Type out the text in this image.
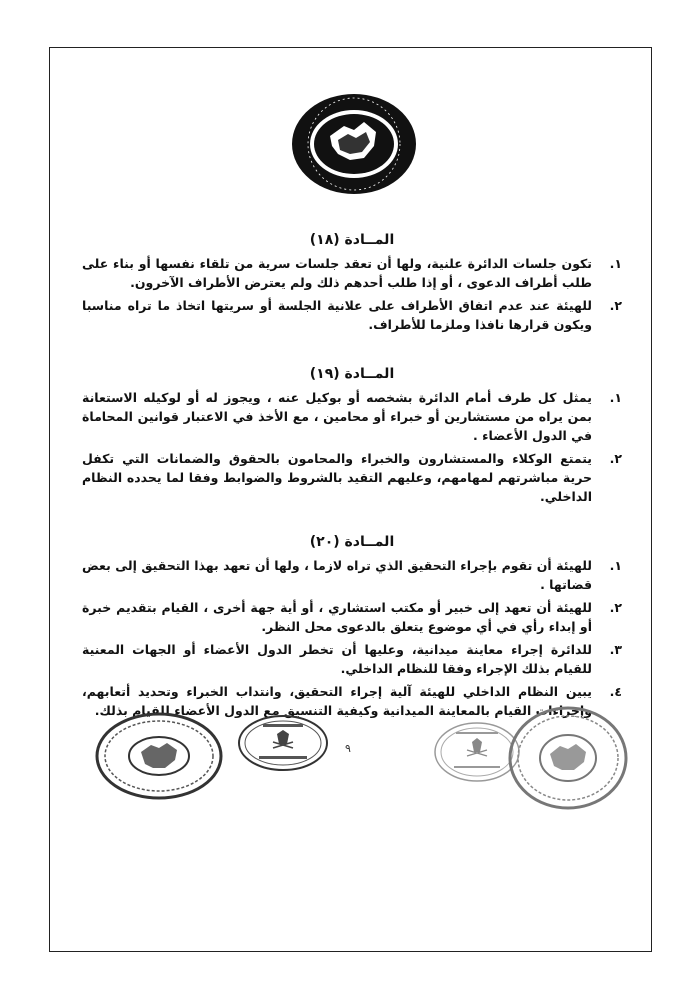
المــادة (١٨)
١.
تكون جلسات الدائرة علنية، ولها أن تعقد جلسات سرية من تلقاء نفسها أو بناء على طلب أطراف الدعوى ، أو إذا طلب أحدهم ذلك ولم يعترض الأطراف الآخرون.
٢.
للهيئة عند عدم اتفاق الأطراف على علانية الجلسة أو سريتها اتخاذ ما تراه مناسبا ويكون قرارها نافذا وملزما للأطراف.
المــادة (١٩)
١.
يمثل كل طرف أمام الدائرة بشخصه أو بوكيل عنه ، ويجوز له أو لوكيله الاستعانة بمن يراه من مستشارين أو خبراء أو محامين ، مع الأخذ في الاعتبار قوانين المحاماة في الدول الأعضاء .
٢.
يتمتع الوكلاء والمستشارون والخبراء والمحامون بالحقوق والضمانات التي تكفل حرية مباشرتهم لمهامهم، وعليهم التقيد بالشروط والضوابط وفقا لما يحدده النظام الداخلي.
المــادة (٢٠)
١.
للهيئة أن تقوم بإجراء التحقيق الذي تراه لازما ، ولها أن تعهد بهذا التحقيق إلى بعض قضاتها .
٢.
للهيئة أن تعهد إلى خبير أو مكتب استشاري ، أو أية جهة أخرى ، القيام بتقديم خبرة أو إبداء رأي في أي موضوع يتعلق بالدعوى محل النظر.
٣.
للدائرة إجراء معاينة ميدانية، وعليها أن تخطر الدول الأعضاء أو الجهات المعنية للقيام بذلك الإجراء وفقا للنظام الداخلي.
٤.
يبين النظام الداخلي للهيئة آلية إجراء التحقيق، وانتداب الخبراء وتحديد أتعابهم، وإجراءات القيام بالمعاينة الميدانية وكيفية التنسيق مع الدول الأعضاء للقيام بذلك.
٩
